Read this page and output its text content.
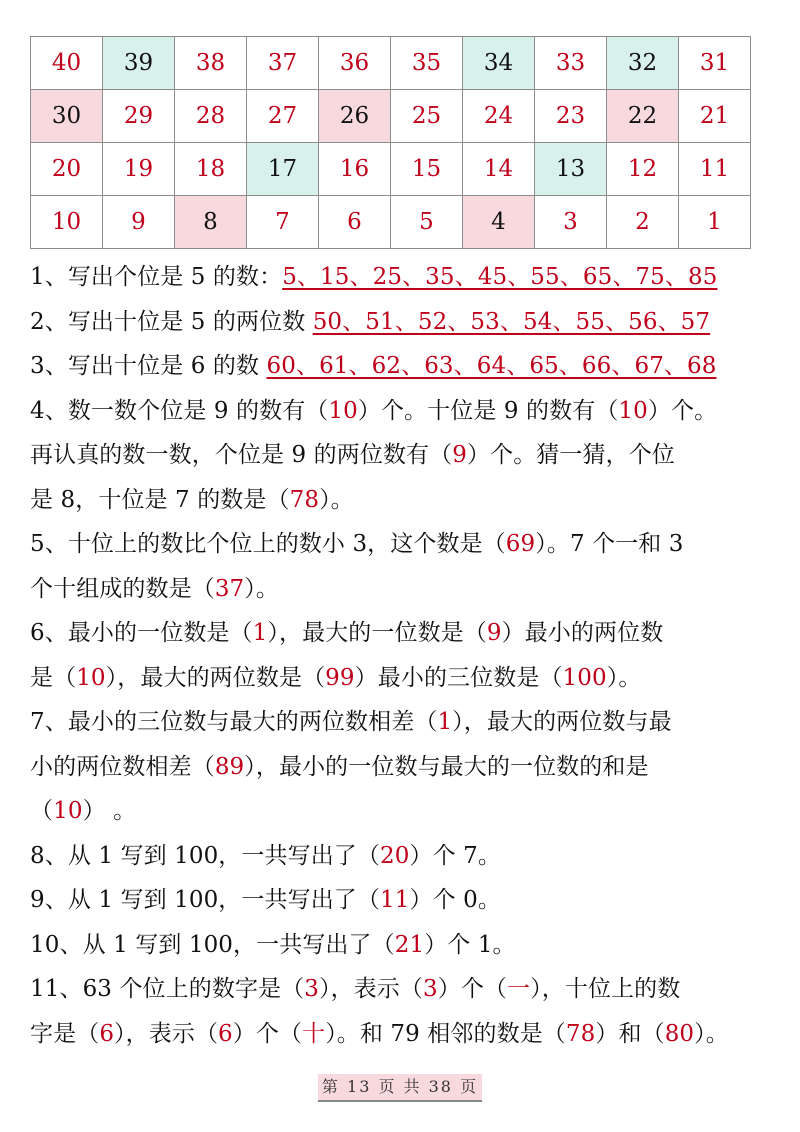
40	39	38	37	36	35	34	33	32	31
30	29	28	27	26	25	24	23	22	21
20	19	18	17	16	15	14	13	12	11
10	9	8	7	6	5	4	3	2	1
1、写出个位是 5 的数：5、15、25、35、45、55、65、75、85
2、写出十位是 5 的两位数 50、51、52、53、54、55、56、57
3、写出十位是 6 的数 60、61、62、63、64、65、66、67、68
4、数一数个位是 9 的数有（10）个。十位是 9 的数有（10）个。
再认真的数一数，个位是 9 的两位数有（9）个。猜一猜，个位
是 8，十位是 7 的数是（78）。
5、十位上的数比个位上的数小 3，这个数是（69）。7 个一和 3
个十组成的数是（37）。
6、最小的一位数是（1），最大的一位数是（9）最小的两位数
是（10），最大的两位数是（99）最小的三位数是（100）。
7、最小的三位数与最大的两位数相差（1），最大的两位数与最
小的两位数相差（89），最小的一位数与最大的一位数的和是
（10） 。
8、从 1 写到 100，一共写出了（20）个 7。
9、从 1 写到 100，一共写出了（11）个 0。
10、从 1 写到 100，一共写出了（21）个 1。
11、63 个位上的数字是（3），表示（3）个（一），十位上的数
字是（6），表示（6）个（十）。和 79 相邻的数是（78）和（80）。
第 13 页 共 38 页
